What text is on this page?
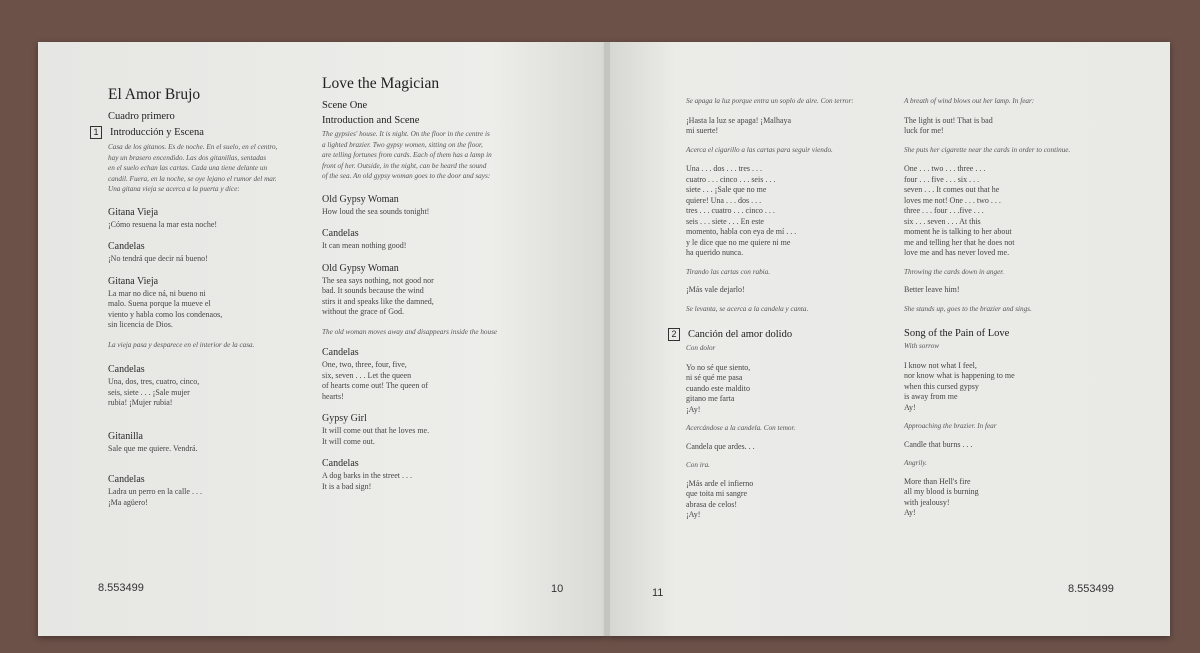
El Amor Brujo
Cuadro primero
1	Introducción y Escena
Casa de los gitanos. Es de noche. En el suelo, en el centro,
hay un brasero encendido. Las dos gitanillas, sentadas
en el suelo echan las cartas. Cada una tiene delante un
candil. Fuera, en la noche, se oye lejano el rumor del mar.
Una gitana vieja se acerca a la puerta y dice:
Gitana Vieja
¡Cómo resuena la mar esta noche!
Candelas
¡No tendrá que decir ná bueno!
Gitana Vieja
La mar no dice ná, ni bueno ni
malo. Suena porque la mueve el
viento y habla como los condenaos,
sin licencia de Dios.
La vieja pasa y desparece en el interior de la casa.
Candelas
Una, dos, tres, cuatro, cinco,
seis, siete . . . ¡Sale mujer
rubia! ¡Mujer rubia!
Gitanilla
Sale que me quiere. Vendrá.
Candelas
Ladra un perro en la calle . . .
¡Ma agüero!
Love the Magician
Scene One
Introduction and Scene
The gypsies' house. It is night. On the floor in the centre is
a lighted brazier. Two gypsy women, sitting on the floor,
are telling fortunes from cards. Each of them has a lamp in
front of her. Outside, in the night, can be heard the sound
of the sea. An old gypsy woman goes to the door and says:
Old Gypsy Woman
How loud the sea sounds tonight!
Candelas
It can mean nothing good!
Old Gypsy Woman
The sea says nothing, not good nor
bad. It sounds because the wind
stirs it and speaks like the damned,
without the grace of God.
The old woman moves away and disappears inside the house
Candelas
One, two, three, four, five,
six, seven . . . Let the queen
of hearts come out! The queen of
hearts!
Gypsy Girl
It will come out that he loves me.
It will come out.
Candelas
A dog barks in the street . . .
It is a bad sign!
8.553499	10
Se apaga la luz porque entra un soplo de aire. Con terror:
¡Hasta la luz se apaga! ¡Malhaya
mi suerte!
Acerca el cigarillo a las cartas para seguir viendo.
Una . . . dos . . . tres . . .
cuatro . . . cinco . . . seis . . .
siete . . . ¡Sale que no me
quiere! Una . . . dos . . .
tres . . . cuatro . . . cinco . . .
seis . . . siete . . . En este
momento, habla con eya de mí . . .
y le dice que no me quiere ni me
ha querido nunca.
Tirando las cartas con rabia.
¡Más vale dejarlo!
Se levanta, se acerca a la candela y canta.
2	Canción del amor dolido
Con dolor
Yo no sé que siento,
ni sé qué me pasa
cuando este maldito
gitano me farta
¡Ay!
Acercándose a la candela. Con temor.
Candela que ardes. . .
Con ira.
¡Más arde el infierno
que toita mi sangre
abrasa de celos!
¡Ay!
A breath of wind blows out her lamp. In fear:
The light is out! That is bad
luck for me!
She puts her cigarette near the cards in order to continue.
One . . . two . . . three . . .
four . . . five . . . six . . .
seven . . . It comes out that he
loves me not! One . . . two . . .
three . . . four . . .five . . .
six . . . seven . . . At this
moment he is talking to her about
me and telling her that he does not
love me and has never loved me.
Throwing the cards down in anger.
Better leave him!
She stands up, goes to the brazier and sings.
Song of the Pain of Love
With sorrow
I know not what I feel,
nor know what is happening to me
when this cursed gypsy
is away from me
Ay!
Approaching the brazier. In fear
Candle that burns . . .
Angrily.
More than Hell's fire
all my blood is burning
with jealousy!
Ay!
11	8.553499
